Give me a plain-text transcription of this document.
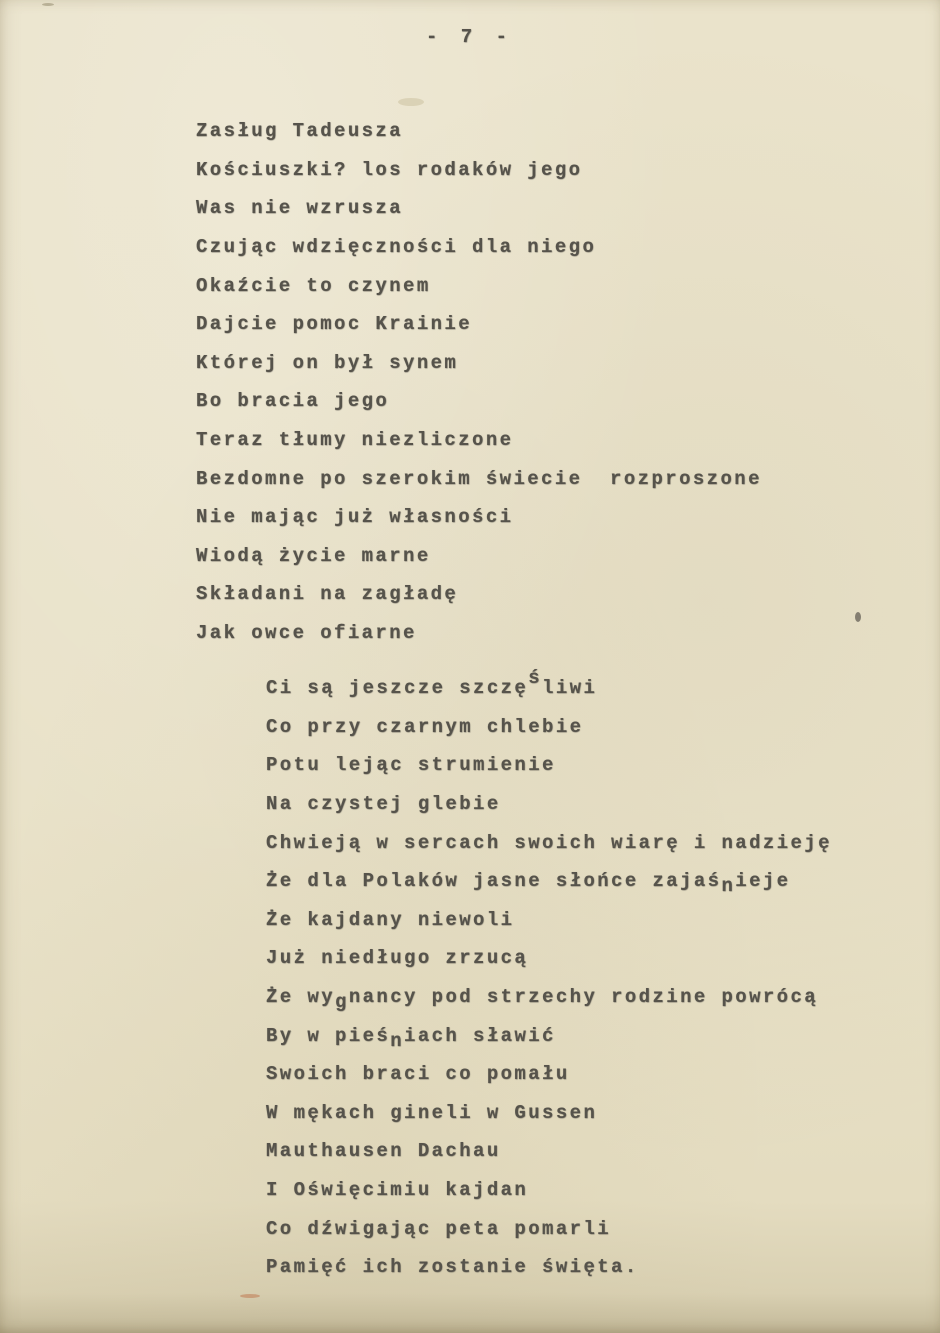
- 7 -
Zasług Tadeusza
Kościuszki? los rodaków jego
Was nie wzrusza
Czując wdzięczności dla niego
Okaźcie to czynem
Dajcie pomoc Krainie
Której on był synem
Bo bracia jego
Teraz tłumy niezliczone
Bezdomne po szerokim świecie  rozproszone
Nie mając już własności
Wiodą życie marne
Składani na zagładę
Jak owce ofiarne
Ci są jeszcze szczę ś liwi
Co przy czarnym chlebie
Potu lejąc strumienie
Na czystej glebie
Chwieją w sercach swoich wiarę i nadzieję
Że dla Polaków jasne słońce zajaś n ieje
Że kajdany niewoli
Już niedługo zrzucą
Że wy g nancy pod strzechy rodzine powrócą
By w pieś n iach sławić
Swoich braci co pomału
W mękach gineli w Gussen
Mauthausen Dachau
I Oświęcimiu kajdan
Co dźwigając peta pomarli
Pamięć ich zostanie święta.
